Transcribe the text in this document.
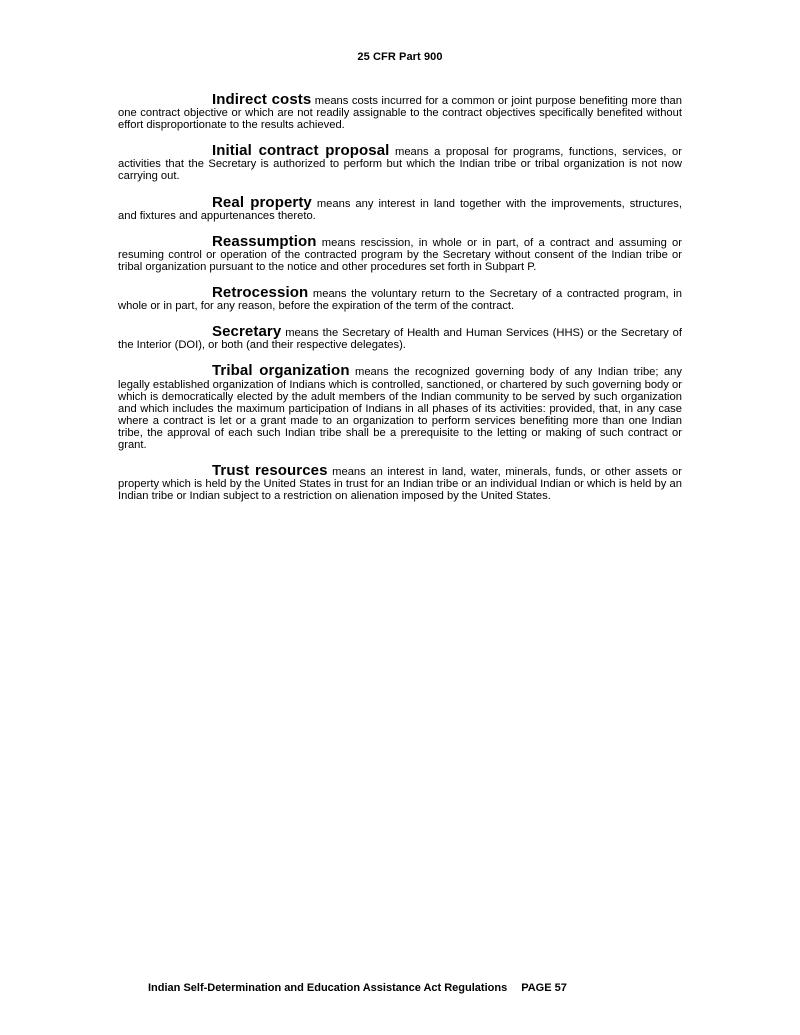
25 CFR Part 900

Indirect costs means costs incurred for a common or joint purpose benefiting more than one contract objective or which are not readily assignable to the contract objectives specifically benefited without effort disproportionate to the results achieved.

Initial contract proposal means a proposal for programs, functions, services, or activities that the Secretary is authorized to perform but which the Indian tribe or tribal organization is not now carrying out.

Real property means any interest in land together with the improvements, structures, and fixtures and appurtenances thereto.

Reassumption means rescission, in whole or in part, of a contract and assuming or resuming control or operation of the contracted program by the Secretary without consent of the Indian tribe or tribal organization pursuant to the notice and other procedures set forth in Subpart P.

Retrocession means the voluntary return to the Secretary of a contracted program, in whole or in part, for any reason, before the expiration of the term of the contract.

Secretary means the Secretary of Health and Human Services (HHS) or the Secretary of the Interior (DOI), or both (and their respective delegates).

Tribal organization means the recognized governing body of any Indian tribe; any legally established organization of Indians which is controlled, sanctioned, or chartered by such governing body or which is democratically elected by the adult members of the Indian community to be served by such organization and which includes the maximum participation of Indians in all phases of its activities: provided, that, in any case where a contract is let or a grant made to an organization to perform services benefiting more than one Indian tribe, the approval of each such Indian tribe shall be a prerequisite to the letting or making of such contract or grant.

Trust resources means an interest in land, water, minerals, funds, or other assets or property which is held by the United States in trust for an Indian tribe or an individual Indian or which is held by an Indian tribe or Indian subject to a restriction on alienation imposed by the United States.

Indian Self-Determination and Education Assistance Act Regulations PAGE 57
